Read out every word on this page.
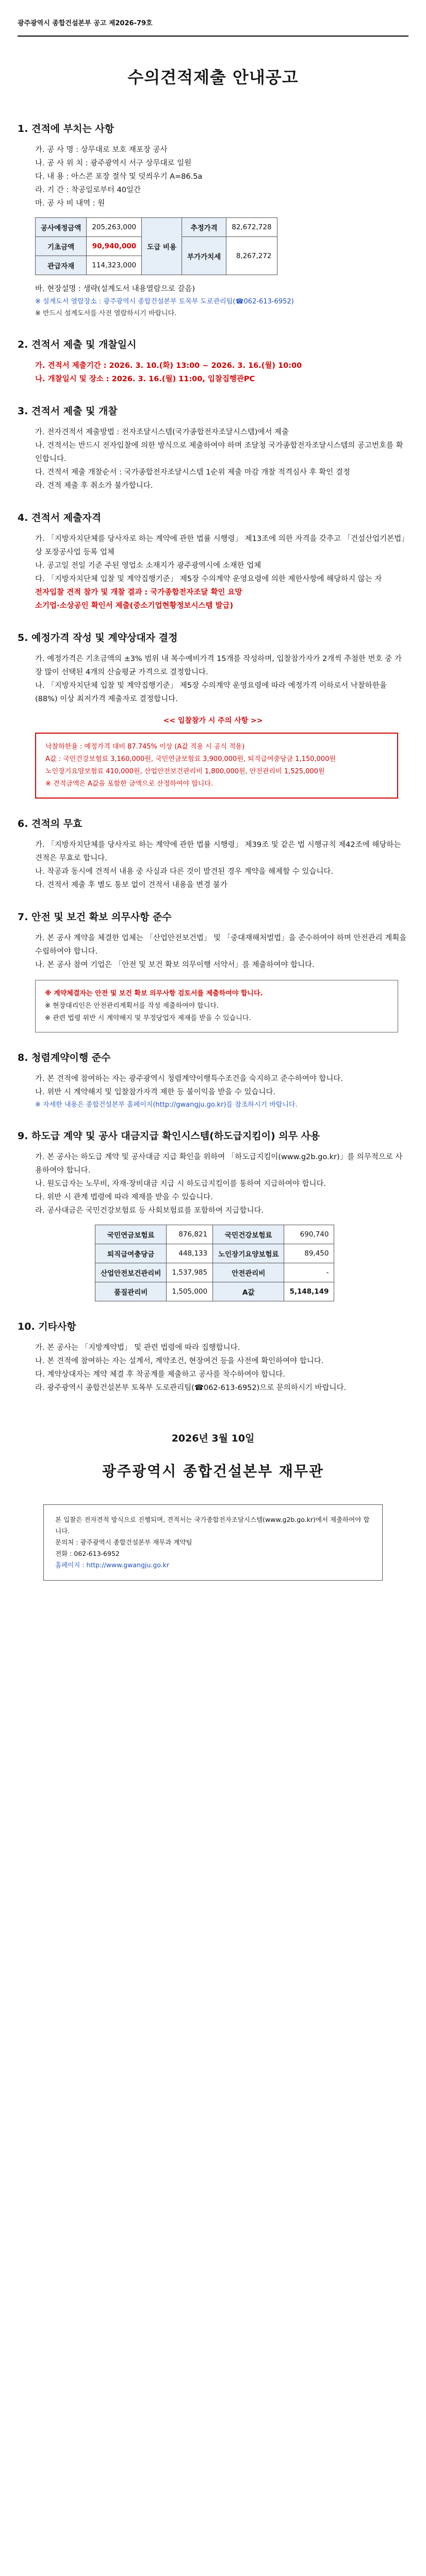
광주광역시 종합건설본부 공고 제2026-79호
수의견적제출 안내공고
1. 견적에 부치는 사항
가. 공 사 명 : 상무대로 보호 재포장 공사
나. 공 사 위 치 : 광주광역시 서구 상무대로 일원
다. 내 용 : 아스콘 포장 절삭 및 덧씌우기 A=86.5a
라. 기 간 : 착공일로부터 40일간
마. 공 사 비 내역 : 원
공사예정금액	205,263,000	도급 비용	추정가격	82,672,728
기초금액	90,940,000		부가가치세	8,267,272
관급자재	114,323,000			
바. 현장설명 : 생략(설계도서 내용열람으로 갈음)
※ 설계도서 열람장소 : 광주광역시 종합건설본부 토목부 도로관리팀(☎062-613-6952)
※ 반드시 설계도서를 사전 열람하시기 바랍니다.
2. 견적서 제출 및 개찰일시
가. 견적서 제출기간 : 2026. 3. 10.(화) 13:00 ~ 2026. 3. 16.(월) 10:00
나. 개찰일시 및 장소 : 2026. 3. 16.(월) 11:00, 입찰집행관PC
3. 견적서 제출 및 개찰
가. 전자견적서 제출방법 : 전자조달시스템(국가종합전자조달시스템)에서 제출
나. 견적서는 반드시 전자입찰에 의한 방식으로 제출하여야 하며 조달청 국가종합전자조달시스템의 공고번호를 확인합니다.
다. 견적서 제출 개찰순서 : 국가종합전자조달시스템 1순위 제출 마감 개찰 적격심사 후 확인 결정
라. 견적 제출 후 취소가 불가합니다.
4. 견적서 제출자격
가. 「지방자치단체를 당사자로 하는 계약에 관한 법률 시행령」 제13조에 의한 자격을 갖추고 「건설산업기본법」상 포장공사업 등록 업체
나. 공고일 전일 기준 주된 영업소 소재지가 광주광역시에 소재한 업체
다. 「지방자치단체 입찰 및 계약집행기준」 제5장 수의계약 운영요령에 의한 제한사항에 해당하지 않는 자
전자입찰 견적 참가 및 개찰 결과 : 국가종합전자조달 확인 요망
소기업·소상공인 확인서 제출(중소기업현황정보시스템 발급)
5. 예정가격 작성 및 계약상대자 결정
가. 예정가격은 기초금액의 ±3% 범위 내 복수예비가격 15개를 작성하며, 입찰참가자가 2개씩 추첨한 번호 중 가장 많이 선택된 4개의 산술평균 가격으로 결정합니다.
나. 「지방자치단체 입찰 및 계약집행기준」 제5장 수의계약 운영요령에 따라 예정가격 이하로서 낙찰하한율(88%) 이상 최저가격 제출자로 결정합니다.
<< 입찰참가 시 주의 사항 >>
낙찰하한율 : 예정가격 대비 87.745% 이상 (A값 적용 시 공식 적용)
A값 : 국민건강보험료 3,160,000원, 국민연금보험료 3,900,000원, 퇴직급여충당금 1,150,000원
노인장기요양보험료 410,000원, 산업안전보건관리비 1,800,000원, 안전관리비 1,525,000원
※ 견적금액은 A값을 포함한 금액으로 산정하여야 합니다.
6. 견적의 무효
가. 「지방자치단체를 당사자로 하는 계약에 관한 법률 시행령」 제39조 및 같은 법 시행규칙 제42조에 해당하는 견적은 무효로 합니다.
나. 착공과 동시에 견적서 내용 중 사실과 다른 것이 발견된 경우 계약을 해제할 수 있습니다.
다. 견적서 제출 후 별도 통보 없이 견적서 내용을 변경 불가
7. 안전 및 보건 확보 의무사항 준수
가. 본 공사 계약을 체결한 업체는 「산업안전보건법」 및 「중대재해처벌법」을 준수하여야 하며 안전관리 계획을 수립하여야 합니다.
나. 본 공사 참여 기업은 「안전 및 보건 확보 의무이행 서약서」를 제출하여야 합니다.
※ 계약체결자는 안전 및 보건 확보 의무사항 검토서를 제출하여야 합니다.
※ 현장대리인은 안전관리계획서를 작성 제출하여야 합니다.
※ 관련 법령 위반 시 계약해지 및 부정당업자 제재를 받을 수 있습니다.
8. 청렴계약이행 준수
가. 본 견적에 참여하는 자는 광주광역시 청렴계약이행특수조건을 숙지하고 준수하여야 합니다.
나. 위반 시 계약해지 및 입찰참가자격 제한 등 불이익을 받을 수 있습니다.
※ 자세한 내용은 종합건설본부 홈페이지(http://gwangju.go.kr)를 참조하시기 바랍니다.
9. 하도급 계약 및 공사 대금지급 확인시스템(하도급지킴이) 의무 사용
가. 본 공사는 하도급 계약 및 공사대금 지급 확인을 위하여 「하도급지킴이(www.g2b.go.kr)」를 의무적으로 사용하여야 합니다.
나. 원도급자는 노무비, 자재·장비대금 지급 시 하도급지킴이를 통하여 지급하여야 합니다.
다. 위반 시 관계 법령에 따라 제재를 받을 수 있습니다.
라. 공사대금은 국민건강보험료 등 사회보험료를 포함하여 지급합니다.
국민연금보험료	876,821	국민건강보험료	690,740
퇴직급여충당금	448,133	노인장기요양보험료	89,450
산업안전보건관리비	1,537,985	안전관리비	-
품질관리비	1,505,000	A값	5,148,149
10. 기타사항
가. 본 공사는 「지방계약법」 및 관련 법령에 따라 집행합니다.
나. 본 견적에 참여하는 자는 설계서, 계약조건, 현장여건 등을 사전에 확인하여야 합니다.
다. 계약상대자는 계약 체결 후 착공계를 제출하고 공사를 착수하여야 합니다.
라. 광주광역시 종합건설본부 토목부 도로관리팀(☎062-613-6952)으로 문의하시기 바랍니다.
2026년 3월 10일
광주광역시 종합건설본부 재무관
본 입찰은 전자견적 방식으로 진행되며, 견적서는 국가종합전자조달시스템(www.g2b.go.kr)에서 제출하여야 합니다.
문의처 : 광주광역시 종합건설본부 재무과 계약팀
전화 : 062-613-6952
홈페이지 : http://www.gwangju.go.kr
